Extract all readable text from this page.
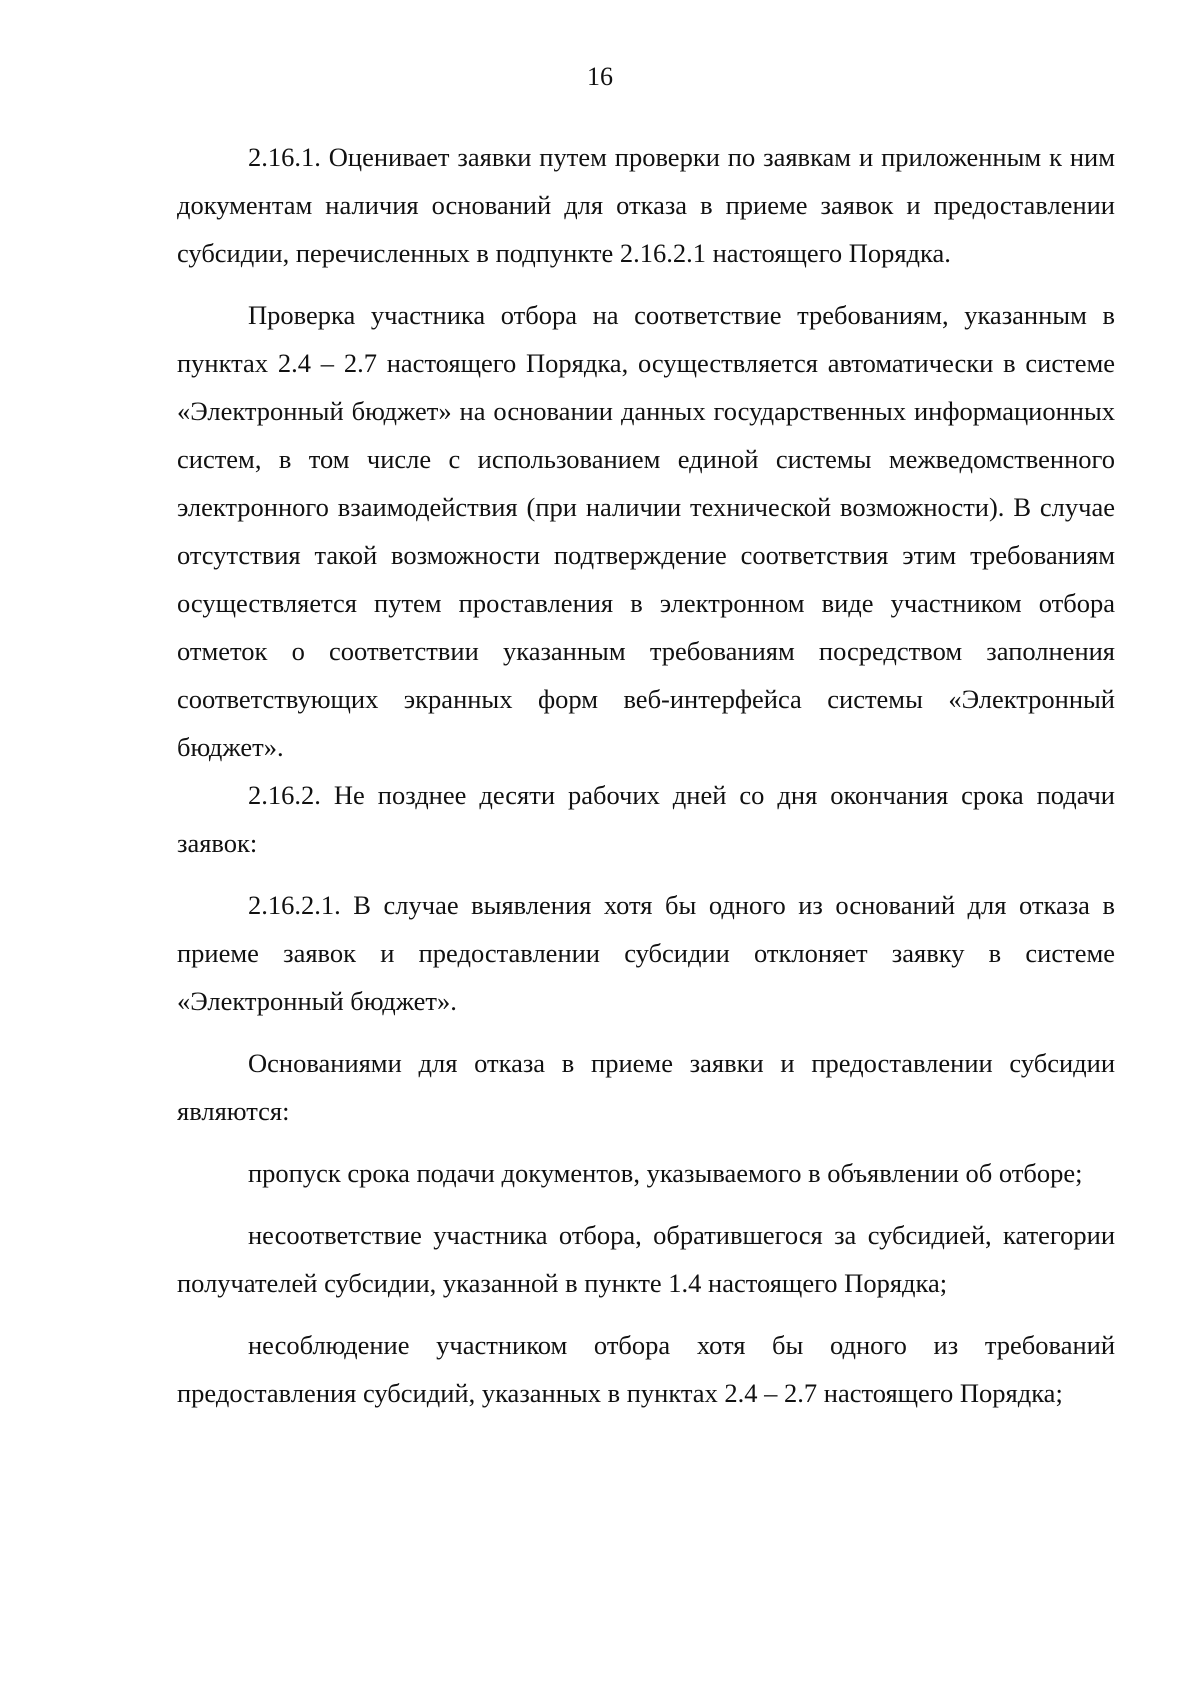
16

2.16.1. Оценивает заявки путем проверки по заявкам и приложенным к ним документам наличия оснований для отказа в приеме заявок и предоставлении субсидии, перечисленных в подпункте 2.16.2.1 настоящего Порядка.

Проверка участника отбора на соответствие требованиям, указанным в пунктах 2.4 – 2.7 настоящего Порядка, осуществляется автоматически в системе «Электронный бюджет» на основании данных государственных информационных систем, в том числе с использованием единой системы межведомственного электронного взаимодействия (при наличии технической возможности). В случае отсутствия такой возможности подтверждение соответствия этим требованиям осуществляется путем проставления в электронном виде участником отбора отметок о соответствии указанным требованиям посредством заполнения соответствующих экранных форм веб-интерфейса системы «Электронный бюджет».

2.16.2. Не позднее десяти рабочих дней со дня окончания срока подачи заявок:

2.16.2.1. В случае выявления хотя бы одного из оснований для отказа в приеме заявок и предоставлении субсидии отклоняет заявку в системе «Электронный бюджет».

Основаниями для отказа в приеме заявки и предоставлении субсидии являются:

пропуск срока подачи документов, указываемого в объявлении об отборе;

несоответствие участника отбора, обратившегося за субсидией, категории получателей субсидии, указанной в пункте 1.4 настоящего Порядка;

несоблюдение участником отбора хотя бы одного из требований предоставления субсидий, указанных в пунктах 2.4 – 2.7 настоящего Порядка;
